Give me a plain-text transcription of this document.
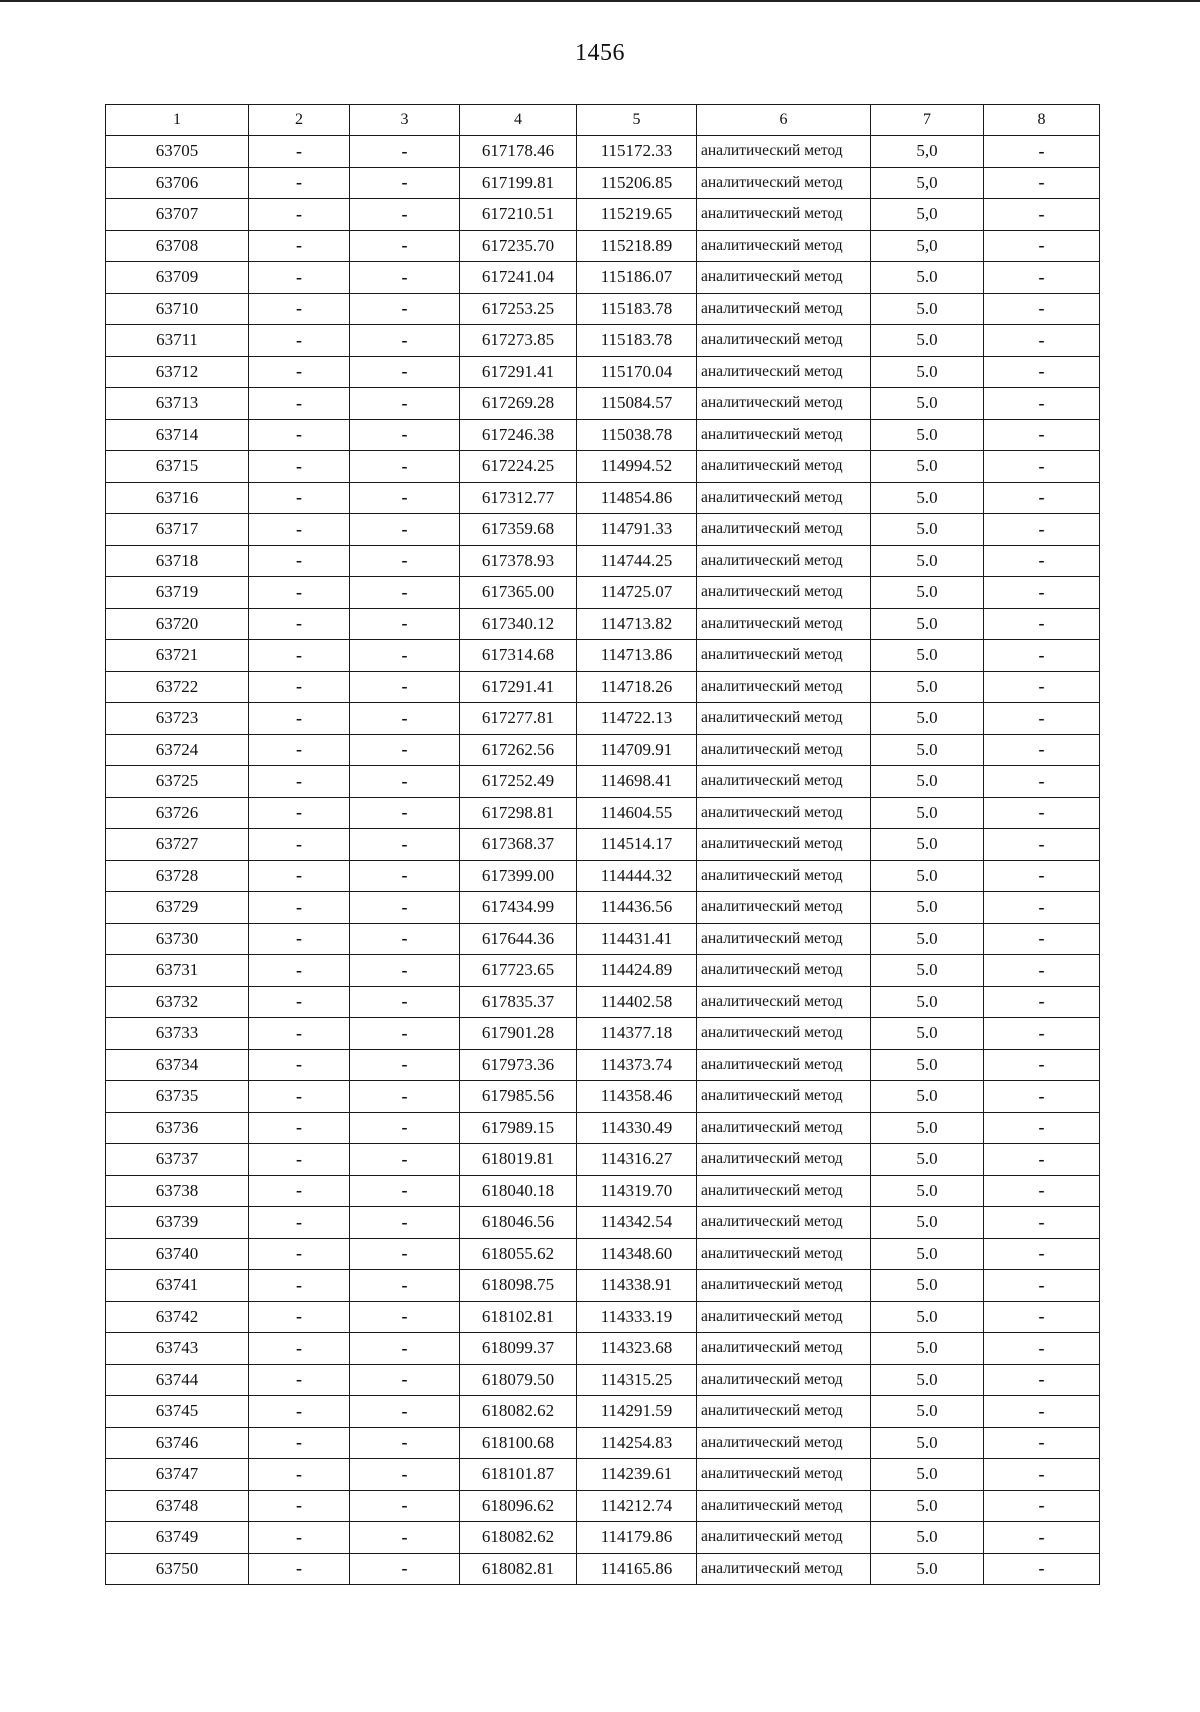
1456
1	2	3	4	5	6	7	8
63705	-	-	617178.46	115172.33	аналитический метод	5,0	-
63706	-	-	617199.81	115206.85	аналитический метод	5,0	-
63707	-	-	617210.51	115219.65	аналитический метод	5,0	-
63708	-	-	617235.70	115218.89	аналитический метод	5,0	-
63709	-	-	617241.04	115186.07	аналитический метод	5.0	-
63710	-	-	617253.25	115183.78	аналитический метод	5.0	-
63711	-	-	617273.85	115183.78	аналитический метод	5.0	-
63712	-	-	617291.41	115170.04	аналитический метод	5.0	-
63713	-	-	617269.28	115084.57	аналитический метод	5.0	-
63714	-	-	617246.38	115038.78	аналитический метод	5.0	-
63715	-	-	617224.25	114994.52	аналитический метод	5.0	-
63716	-	-	617312.77	114854.86	аналитический метод	5.0	-
63717	-	-	617359.68	114791.33	аналитический метод	5.0	-
63718	-	-	617378.93	114744.25	аналитический метод	5.0	-
63719	-	-	617365.00	114725.07	аналитический метод	5.0	-
63720	-	-	617340.12	114713.82	аналитический метод	5.0	-
63721	-	-	617314.68	114713.86	аналитический метод	5.0	-
63722	-	-	617291.41	114718.26	аналитический метод	5.0	-
63723	-	-	617277.81	114722.13	аналитический метод	5.0	-
63724	-	-	617262.56	114709.91	аналитический метод	5.0	-
63725	-	-	617252.49	114698.41	аналитический метод	5.0	-
63726	-	-	617298.81	114604.55	аналитический метод	5.0	-
63727	-	-	617368.37	114514.17	аналитический метод	5.0	-
63728	-	-	617399.00	114444.32	аналитический метод	5.0	-
63729	-	-	617434.99	114436.56	аналитический метод	5.0	-
63730	-	-	617644.36	114431.41	аналитический метод	5.0	-
63731	-	-	617723.65	114424.89	аналитический метод	5.0	-
63732	-	-	617835.37	114402.58	аналитический метод	5.0	-
63733	-	-	617901.28	114377.18	аналитический метод	5.0	-
63734	-	-	617973.36	114373.74	аналитический метод	5.0	-
63735	-	-	617985.56	114358.46	аналитический метод	5.0	-
63736	-	-	617989.15	114330.49	аналитический метод	5.0	-
63737	-	-	618019.81	114316.27	аналитический метод	5.0	-
63738	-	-	618040.18	114319.70	аналитический метод	5.0	-
63739	-	-	618046.56	114342.54	аналитический метод	5.0	-
63740	-	-	618055.62	114348.60	аналитический метод	5.0	-
63741	-	-	618098.75	114338.91	аналитический метод	5.0	-
63742	-	-	618102.81	114333.19	аналитический метод	5.0	-
63743	-	-	618099.37	114323.68	аналитический метод	5.0	-
63744	-	-	618079.50	114315.25	аналитический метод	5.0	-
63745	-	-	618082.62	114291.59	аналитический метод	5.0	-
63746	-	-	618100.68	114254.83	аналитический метод	5.0	-
63747	-	-	618101.87	114239.61	аналитический метод	5.0	-
63748	-	-	618096.62	114212.74	аналитический метод	5.0	-
63749	-	-	618082.62	114179.86	аналитический метод	5.0	-
63750	-	-	618082.81	114165.86	аналитический метод	5.0	-
